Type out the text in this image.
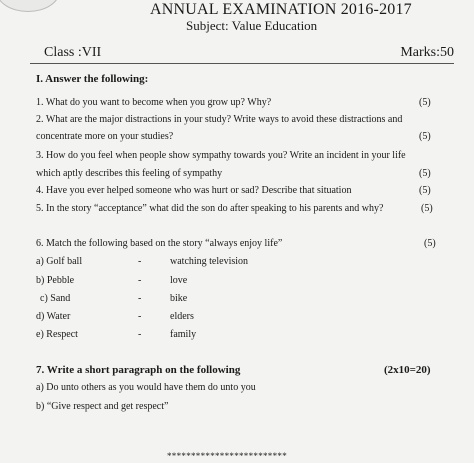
ANNUAL EXAMINATION 2016-2017
Subject: Value Education
Class :VII	Marks:50
I. Answer the following:
1. What do you want to become when you grow up? Why?	(5)
2. What are the major distractions in your study? Write ways to avoid these distractions and
concentrate more on your studies?	(5)
3. How do you feel when people show sympathy towards you? Write an incident in your life
which aptly describes this feeling of sympathy	(5)
4. Have you ever helped someone who was hurt or sad? Describe that situation	(5)
5. In the story “acceptance” what did the son do after speaking to his parents and why?	(5)
6. Match the following based on the story “always enjoy life”	(5)
a) Golf ball	-	watching television
b) Pebble	-	love
c) Sand	-	bike
d) Water	-	elders
e) Respect	-	family
7. Write a short paragraph on the following	(2x10=20)
a) Do unto others as you would have them do unto you
b) “Give respect and get respect”
*************************
